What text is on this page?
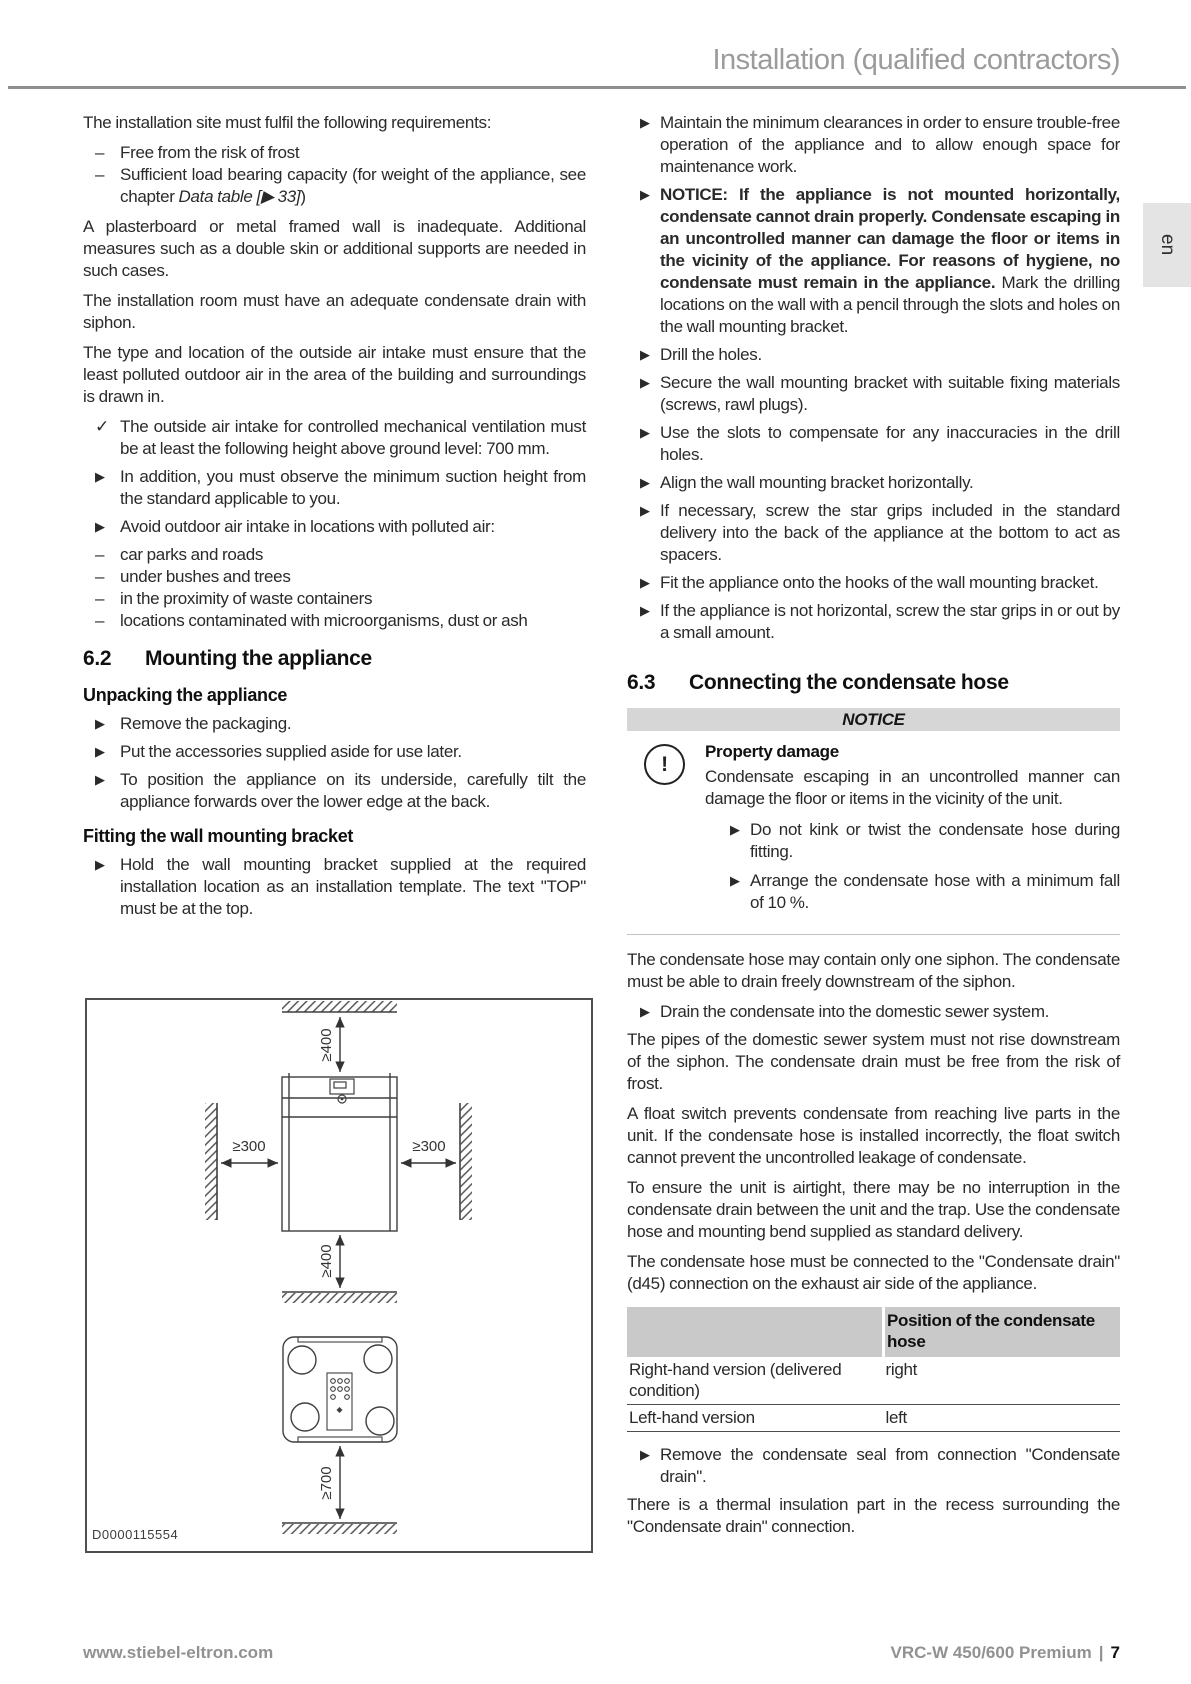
Installation (qualified contractors)
en

The installation site must fulfil the following requirements:

– Free from the risk of frost
– Sufficient load bearing capacity (for weight of the appliance, see chapter Data table [▶ 33])

A plasterboard or metal framed wall is inadequate. Additional measures such as a double skin or additional supports are needed in such cases.

The installation room must have an adequate condensate drain with siphon.

The type and location of the outside air intake must ensure that the least polluted outdoor air in the area of the building and surroundings is drawn in.

✓ The outside air intake for controlled mechanical ventilation must be at least the following height above ground level: 700 mm.
▶ In addition, you must observe the minimum suction height from the standard applicable to you.
▶ Avoid outdoor air intake in locations with polluted air:
– car parks and roads
– under bushes and trees
– in the proximity of waste containers
– locations contaminated with microorganisms, dust or ash
6.2	Mounting the appliance
Unpacking the appliance
▶ Remove the packaging.
▶ Put the accessories supplied aside for use later.
▶ To position the appliance on its underside, carefully tilt the appliance forwards over the lower edge at the back.
Fitting the wall mounting bracket
▶ Hold the wall mounting bracket supplied at the required installation location as an installation template. The text "TOP" must be at the top.
≥400
≥300	≥300
≥400
≥700
D0000115554
▶ Maintain the minimum clearances in order to ensure trouble-free operation of the appliance and to allow enough space for maintenance work.
▶ NOTICE: If the appliance is not mounted horizontally, condensate cannot drain properly. Condensate escaping in an uncontrolled manner can damage the floor or items in the vicinity of the appliance. For reasons of hygiene, no condensate must remain in the appliance. Mark the drilling locations on the wall with a pencil through the slots and holes on the wall mounting bracket.
▶ Drill the holes.
▶ Secure the wall mounting bracket with suitable fixing materials (screws, rawl plugs).
▶ Use the slots to compensate for any inaccuracies in the drill holes.
▶ Align the wall mounting bracket horizontally.
▶ If necessary, screw the star grips included in the standard delivery into the back of the appliance at the bottom to act as spacers.
▶ Fit the appliance onto the hooks of the wall mounting bracket.
▶ If the appliance is not horizontal, screw the star grips in or out by a small amount.
6.3	Connecting the condensate hose
NOTICE
!
Property damage

Condensate escaping in an uncontrolled manner can damage the floor or items in the vicinity of the unit.

▶ Do not kink or twist the condensate hose during fitting.
▶ Arrange the condensate hose with a minimum fall of 10 %.

The condensate hose may contain only one siphon. The condensate must be able to drain freely downstream of the siphon.

▶ Drain the condensate into the domestic sewer system.

The pipes of the domestic sewer system must not rise downstream of the siphon. The condensate drain must be free from the risk of frost.

A float switch prevents condensate from reaching live parts in the unit. If the condensate hose is installed incorrectly, the float switch cannot prevent the uncontrolled leakage of condensate.

To ensure the unit is airtight, there may be no interruption in the condensate drain between the unit and the trap. Use the condensate hose and mounting bend supplied as standard delivery.

The condensate hose must be connected to the "Condensate drain" (d45) connection on the exhaust air side of the appliance.

	Position of the condensate hose
Right-hand version (delivered condition)	right
Left-hand version	left
▶ Remove the condensate seal from connection "Condensate drain".

There is a thermal insulation part in the recess surrounding the "Condensate drain" connection.

www.stiebel-eltron.com	VRC-W 450/600 Premium | 7
